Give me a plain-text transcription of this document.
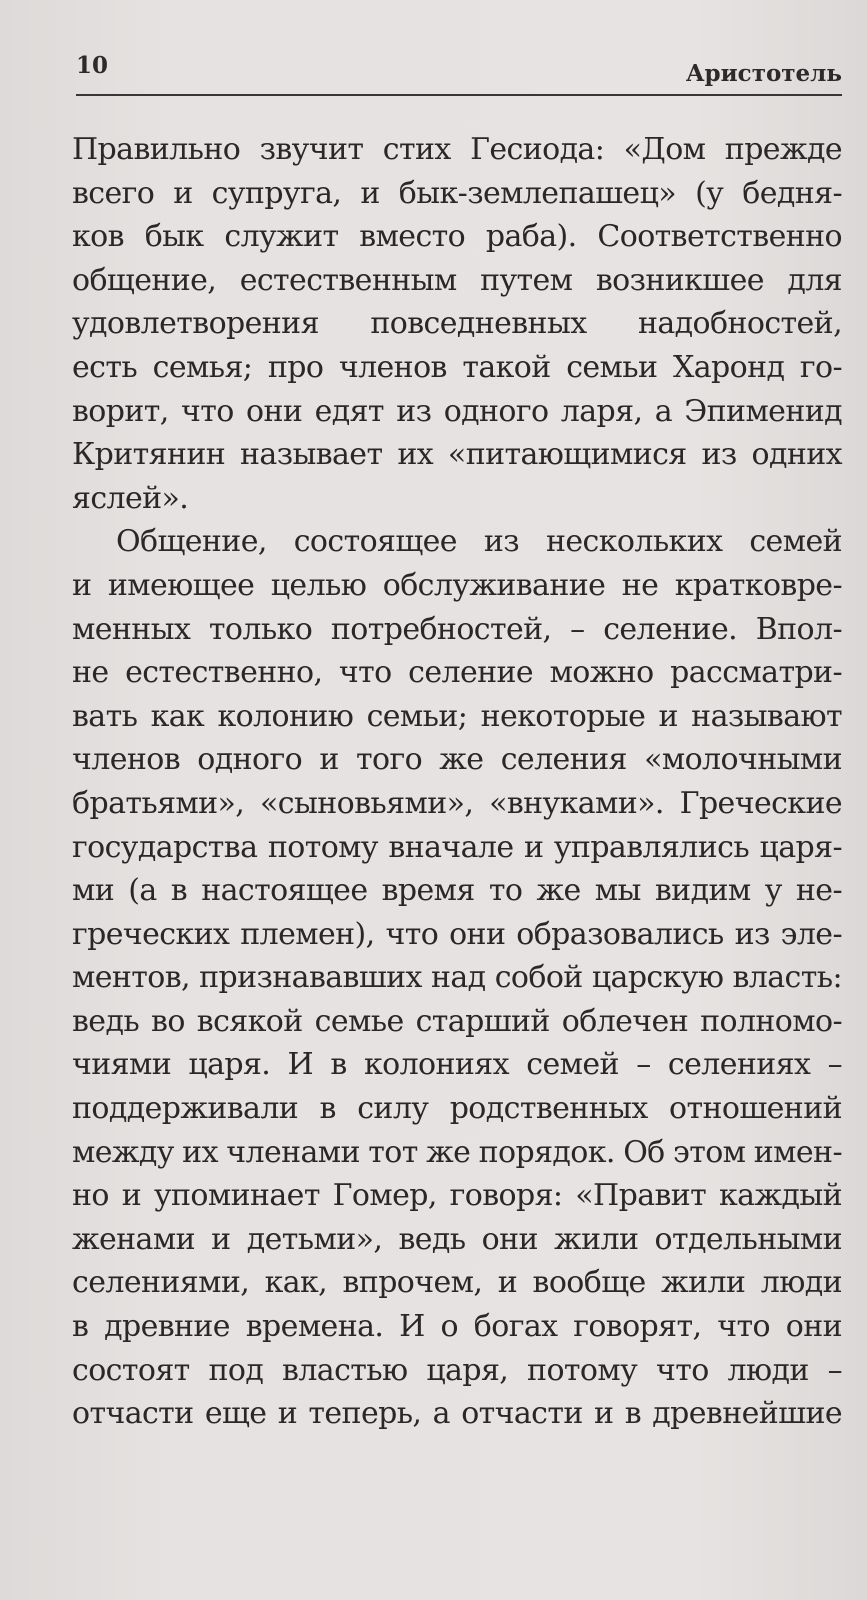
10	Аристотель
Правильно звучит стих Гесиода: «Дом прежде
всего и супруга, и бык-землепашец» (у бедня-
ков бык служит вместо раба). Соответственно
общение, естественным путем возникшее для
удовлетворения повседневных надобностей,
есть семья; про членов такой семьи Харонд го-
ворит, что они едят из одного ларя, а Эпименид
Критянин называет их «питающимися из одних
яслей».
Общение, состоящее из нескольких семей
и имеющее целью обслуживание не кратковре-
менных только потребностей, – селение. Впол-
не естественно, что селение можно рассматри-
вать как колонию семьи; некоторые и называют
членов одного и того же селения «молочными
братьями», «сыновьями», «внуками». Греческие
государства потому вначале и управлялись царя-
ми (а в настоящее время то же мы видим у не-
греческих племен), что они образовались из эле-
ментов, признававших над собой царскую власть:
ведь во всякой семье старший облечен полномо-
чиями царя. И в колониях семей – селениях –
поддерживали в силу родственных отношений
между их членами тот же порядок. Об этом имен-
но и упоминает Гомер, говоря: «Правит каждый
женами и детьми», ведь они жили отдельными
селениями, как, впрочем, и вообще жили люди
в древние времена. И о богах говорят, что они
состоят под властью царя, потому что люди –
отчасти еще и теперь, а отчасти и в древнейшие
